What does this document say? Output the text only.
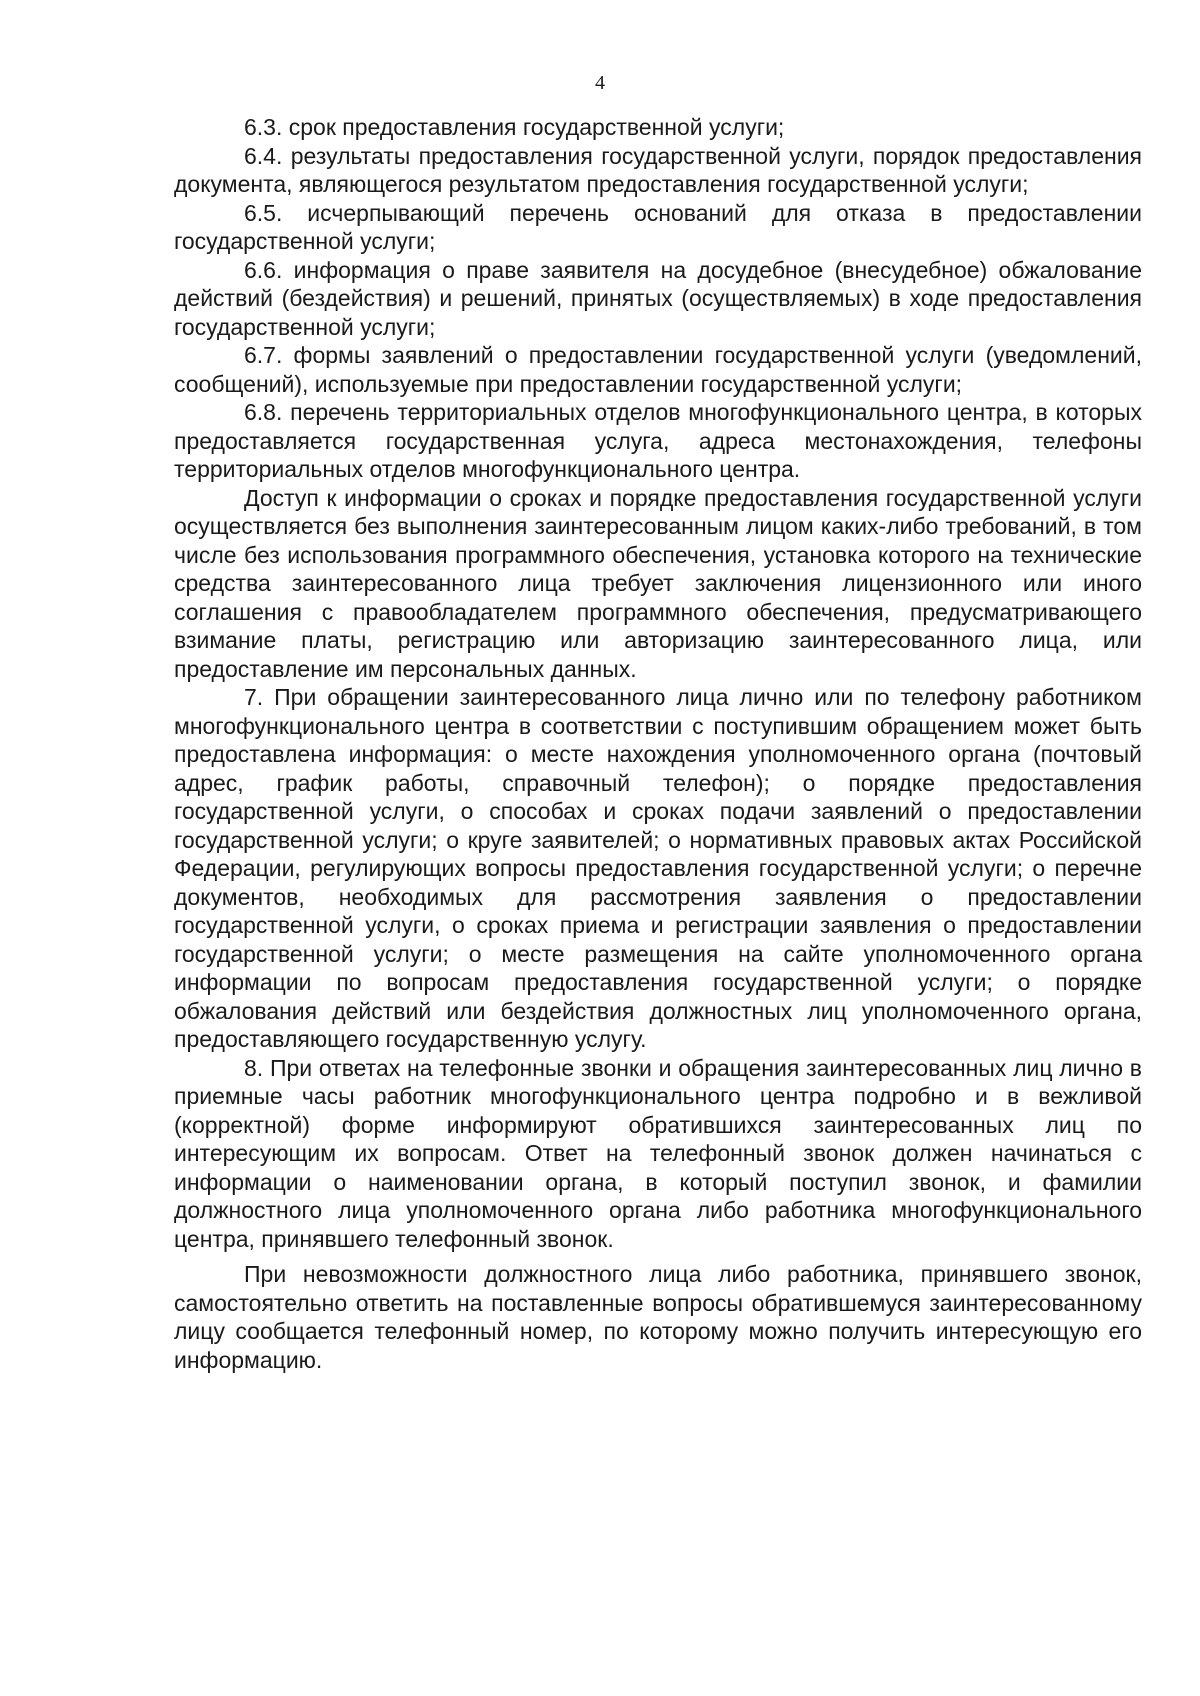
4

6.3. срок предоставления государственной услуги;

6.4. результаты предоставления государственной услуги, порядок предоставления документа, являющегося результатом предоставления государственной услуги;

6.5. исчерпывающий перечень оснований для отказа в предоставлении государственной услуги;

6.6. информация о праве заявителя на досудебное (внесудебное) обжалование действий (бездействия) и решений, принятых (осуществляемых) в ходе предоставления государственной услуги;

6.7. формы заявлений о предоставлении государственной услуги (уведомлений, сообщений), используемые при предоставлении государственной услуги;

6.8. перечень территориальных отделов многофункционального центра, в которых предоставляется государственная услуга, адреса местонахождения, телефоны территориальных отделов многофункционального центра.

Доступ к информации о сроках и порядке предоставления государственной услуги осуществляется без выполнения заинтересованным лицом каких-либо требований, в том числе без использования программного обеспечения, установка которого на технические средства заинтересованного лица требует заключения лицензионного или иного соглашения с правообладателем программного обеспечения, предусматривающего взимание платы, регистрацию или авторизацию заинтересованного лица, или предоставление им персональных данных.

7. При обращении заинтересованного лица лично или по телефону работником многофункционального центра в соответствии с поступившим обращением может быть предоставлена информация: о месте нахождения уполномоченного органа (почтовый адрес, график работы, справочный телефон); о порядке предоставления государственной услуги, о способах и сроках подачи заявлений о предоставлении государственной услуги; о круге заявителей; о нормативных правовых актах Российской Федерации, регулирующих вопросы предоставления государственной услуги; о перечне документов, необходимых для рассмотрения заявления о предоставлении государственной услуги, о сроках приема и регистрации заявления о предоставлении государственной услуги; о месте размещения на сайте уполномоченного органа информации по вопросам предоставления государственной услуги; о порядке обжалования действий или бездействия должностных лиц уполномоченного органа, предоставляющего государственную услугу.

8. При ответах на телефонные звонки и обращения заинтересованных лиц лично в приемные часы работник многофункционального центра подробно и в вежливой (корректной) форме информируют обратившихся заинтересованных лиц по интересующим их вопросам. Ответ на телефонный звонок должен начинаться с информации о наименовании органа, в который поступил звонок, и фамилии должностного лица уполномоченного органа либо работника многофункционального центра, принявшего телефонный звонок.

При невозможности должностного лица либо работника, принявшего звонок, самостоятельно ответить на поставленные вопросы обратившемуся заинтересованному лицу сообщается телефонный номер, по которому можно получить интересующую его информацию.
